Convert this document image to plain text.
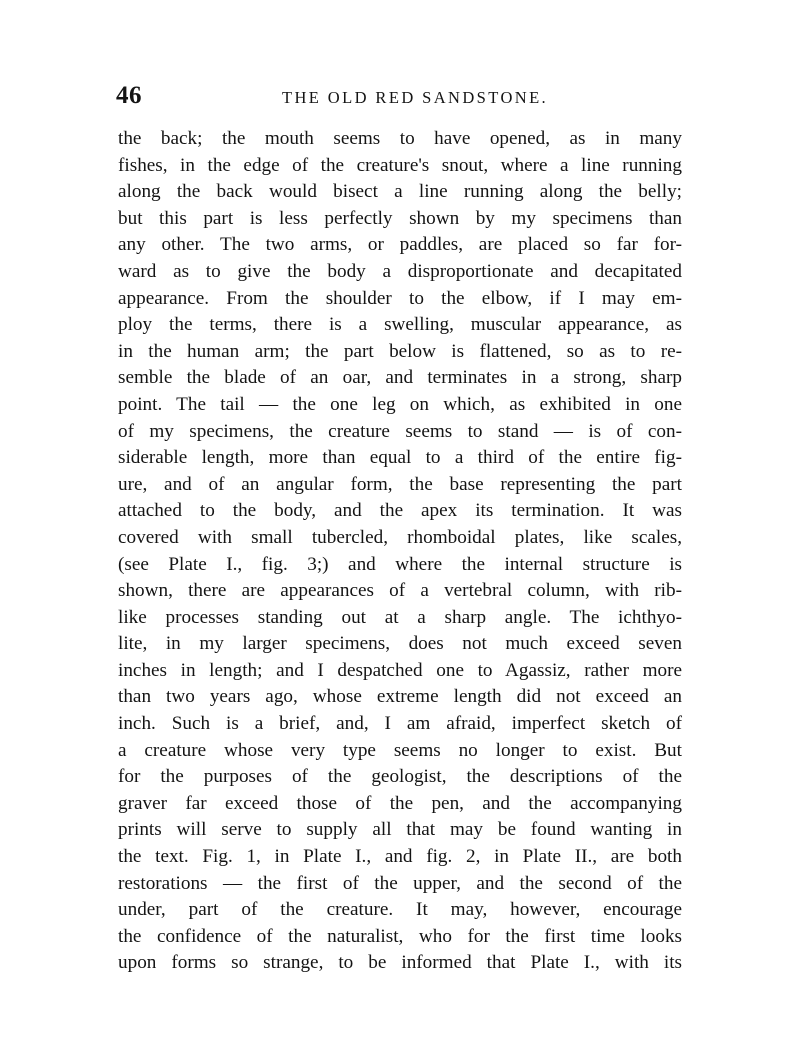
46	THE OLD RED SANDSTONE.
the back; the mouth seems to have opened, as in many
fishes, in the edge of the creature's snout, where a line running
along the back would bisect a line running along the belly;
but this part is less perfectly shown by my specimens than
any other. The two arms, or paddles, are placed so far for-
ward as to give the body a disproportionate and decapitated
appearance. From the shoulder to the elbow, if I may em-
ploy the terms, there is a swelling, muscular appearance, as
in the human arm; the part below is flattened, so as to re-
semble the blade of an oar, and terminates in a strong, sharp
point. The tail — the one leg on which, as exhibited in one
of my specimens, the creature seems to stand — is of con-
siderable length, more than equal to a third of the entire fig-
ure, and of an angular form, the base representing the part
attached to the body, and the apex its termination. It was
covered with small tubercled, rhomboidal plates, like scales,
(see Plate I., fig. 3;) and where the internal structure is
shown, there are appearances of a vertebral column, with rib-
like processes standing out at a sharp angle. The ichthyo-
lite, in my larger specimens, does not much exceed seven
inches in length; and I despatched one to Agassiz, rather more
than two years ago, whose extreme length did not exceed an
inch. Such is a brief, and, I am afraid, imperfect sketch of
a creature whose very type seems no longer to exist. But
for the purposes of the geologist, the descriptions of the
graver far exceed those of the pen, and the accompanying
prints will serve to supply all that may be found wanting in
the text. Fig. 1, in Plate I., and fig. 2, in Plate II., are both
restorations — the first of the upper, and the second of the
under, part of the creature. It may, however, encourage
the confidence of the naturalist, who for the first time looks
upon forms so strange, to be informed that Plate I., with its
